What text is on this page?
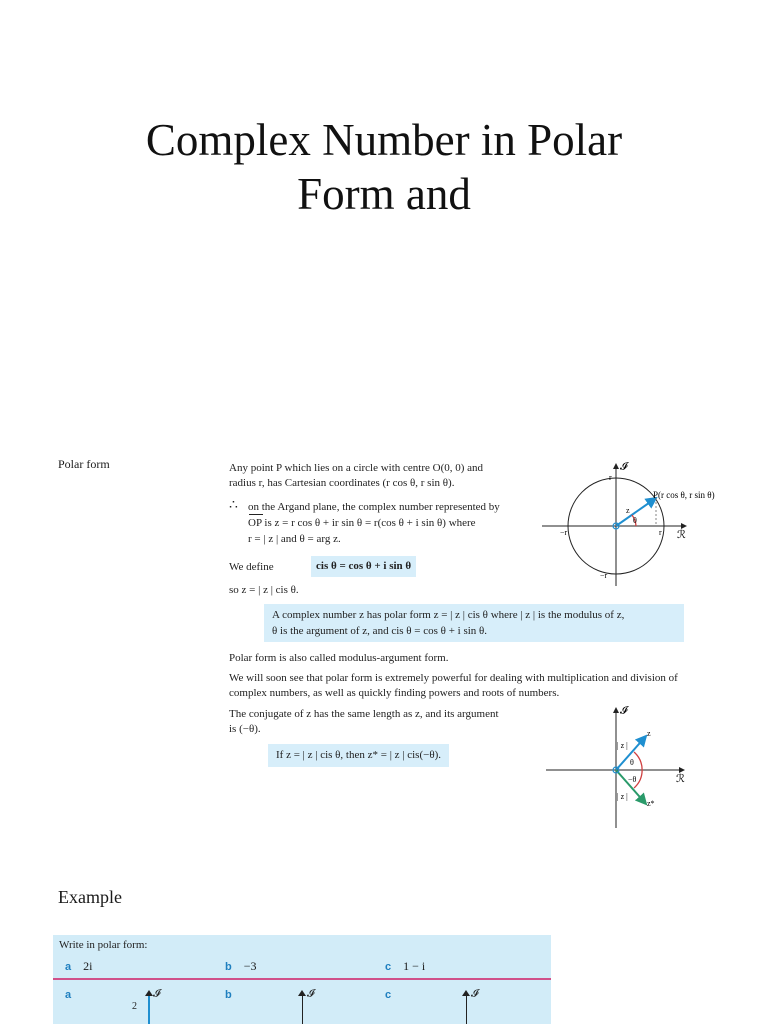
Complex Number in Polar
Form and
Polar form	Any point P which lies on a circle with centre O(0, 0) and
radius r, has Cartesian coordinates (r cos θ, r sin θ).
∴ on the Argand plane, the complex number represented by
OP is z = r cos θ + ir sin θ = r(cos θ + i sin θ) where
r = | z | and θ = arg z.
We define	cis θ = cos θ + i sin θ
so z = | z | cis θ.
A complex number z has polar form z = | z | cis θ where | z | is the modulus of z,
θ is the argument of z, and cis θ = cos θ + i sin θ.
Polar form is also called modulus-argument form.
We will soon see that polar form is extremely powerful for dealing with multiplication and division of
complex numbers, as well as quickly finding powers and roots of numbers.
The conjugate of z has the same length as z, and its argument
is (−θ).
If z = | z | cis θ, then z* = | z | cis(−θ).
𝓘
ℛ
P(r cos θ, r sin θ)
r
r
−r
−r
z
θ
𝓘
ℛ
z
z*
| z |
| z |
θ
−θ
Example
Write in polar form:
a 2i	b −3	c 1 − i
a	b	c
𝓘
2
𝓘	𝓘
